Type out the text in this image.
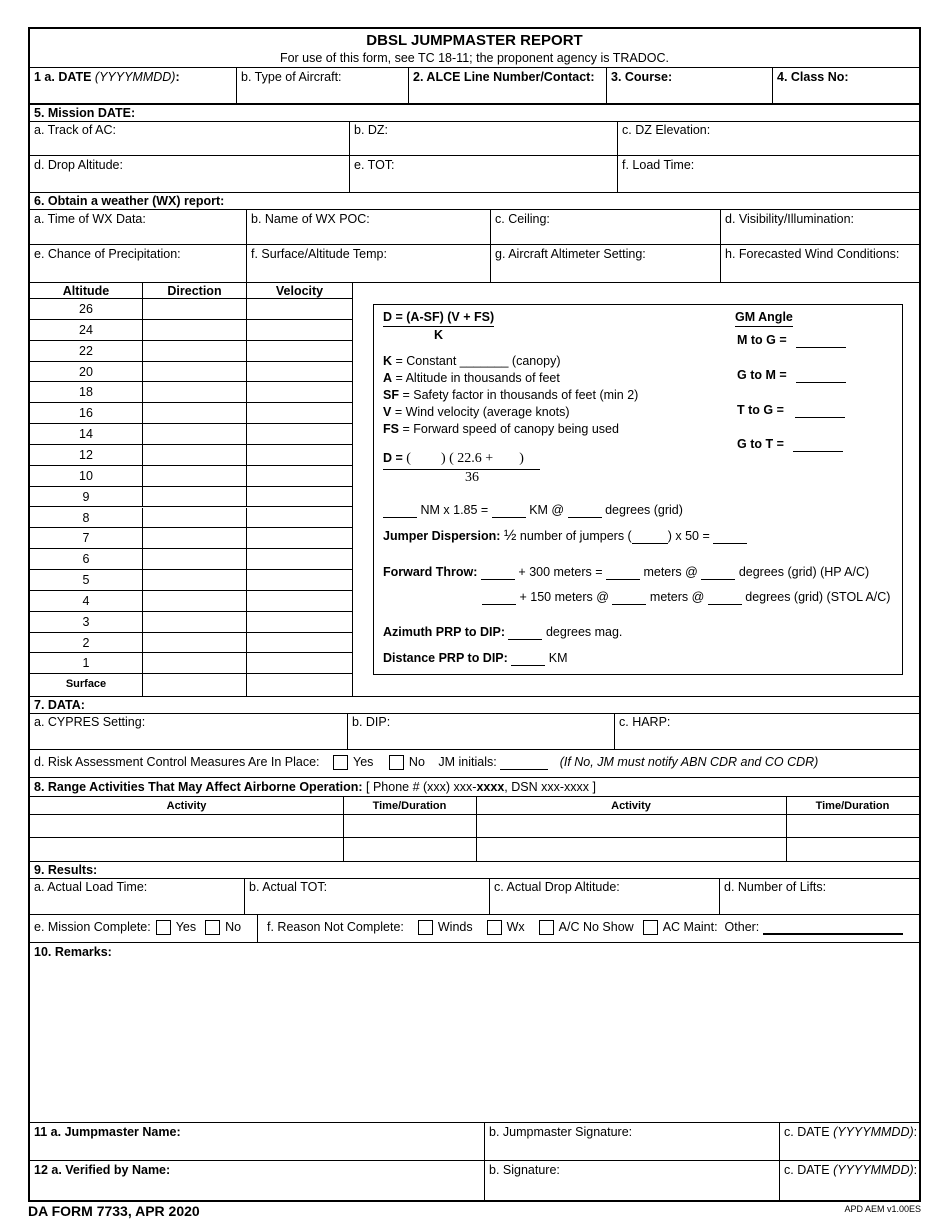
DBSL JUMPMASTER REPORT
For use of this form, see TC 18-11; the proponent agency is TRADOC.
1 a. DATE (YYYYMMDD):	b. Type of Aircraft:	2. ALCE Line Number/Contact:	3. Course:	4. Class No:
5. Mission DATE:
a. Track of AC:	b. DZ:	c. DZ Elevation:
d. Drop Altitude:	e. TOT:	f. Load Time:
6. Obtain a weather (WX) report:
a. Time of WX Data:	b. Name of WX POC:	c. Ceiling:	d. Visibility/Illumination:
e. Chance of Precipitation:	f. Surface/Altitude Temp:	g. Aircraft Altimeter Setting:	h. Forecasted Wind Conditions:
Altitude	Direction	Velocity
26
24
22
20
18
16
14
12
10
9
8
7
6
5
4
3
2
1
Surface
D = (A-SF) (V + FS)
K
K = Constant _______ (canopy)
A = Altitude in thousands of feet
SF = Safety factor in thousands of feet (min 2)
V = Wind velocity (average knots)
FS = Forward speed of canopy being used
D = ( ) ( 22.6 + )
36
NM x 1.85 =	KM @	degrees (grid)
Jumper Dispersion: ½ number of jumpers (	) x 50 =
Forward Throw:	+ 300 meters =	meters @	degrees (grid) (HP A/C)
+ 150 meters @	meters @	degrees (grid) (STOL A/C)
Azimuth PRP to DIP:	degrees mag.
Distance PRP to DIP:	KM
GM Angle
M to G =
G to M =
T to G =
G to T =
7. DATA:
a. CYPRES Setting:	b. DIP:	c. HARP:
d. Risk Assessment Control Measures Are In Place:	Yes	No JM initials:	(If No, JM must notify ABN CDR and CO CDR)
8. Range Activities That May Affect Airborne Operation: [ Phone # (xxx) xxx-xxxx, DSN xxx-xxxx ]
Activity	Time/Duration	Activity	Time/Duration
9. Results:
a. Actual Load Time:	b. Actual TOT:	c. Actual Drop Altitude:	d. Number of Lifts:
e. Mission Complete: Yes No	f. Reason Not Complete:	Winds	Wx	A/C No Show AC Maint: Other:
10. Remarks:
11 a. Jumpmaster Name:	b. Jumpmaster Signature:	c. DATE (YYYYMMDD):
12 a. Verified by Name:	b. Signature:	c. DATE (YYYYMMDD):
DA FORM 7733, APR 2020	APD AEM v1.00ES
